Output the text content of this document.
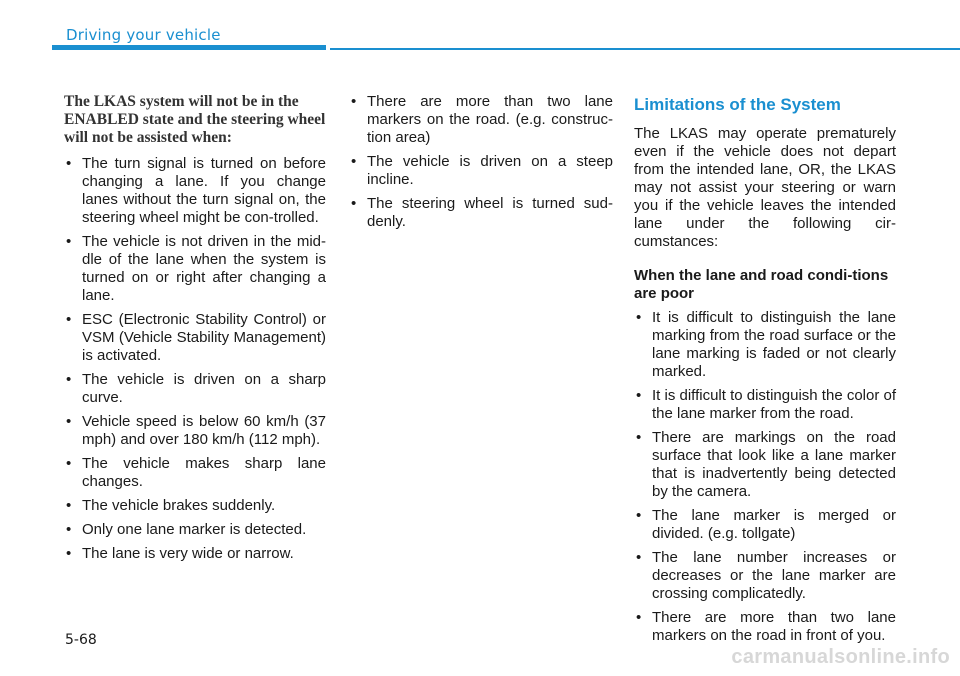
Driving your vehicle

The LKAS system will not be in the ENABLED state and the steering wheel will not be assisted when:

• The turn signal is turned on before changing a lane. If you change lanes without the turn signal on, the steering wheel might be con-trolled.
• The vehicle is not driven in the mid-dle of the lane when the system is turned on or right after changing a lane.
• ESC (Electronic Stability Control) or VSM (Vehicle Stability Management) is activated.
• The vehicle is driven on a sharp curve.
• Vehicle speed is below 60 km/h (37 mph) and over 180 km/h (112 mph).
• The vehicle makes sharp lane changes.
• The vehicle brakes suddenly.
• Only one lane marker is detected.
• The lane is very wide or narrow.
• There are more than two lane markers on the road. (e.g. construc-tion area)
• The vehicle is driven on a steep incline.
• The steering wheel is turned sud-denly.
Limitations of the System

The LKAS may operate prematurely even if the vehicle does not depart from the intended lane, OR, the LKAS may not assist your steering or warn you if the vehicle leaves the intended lane under the following cir-cumstances:

When the lane and road condi-tions are poor

• It is difficult to distinguish the lane marking from the road surface or the lane marking is faded or not clearly marked.
• It is difficult to distinguish the color of the lane marker from the road.
• There are markings on the road surface that look like a lane marker that is inadvertently being detected by the camera.
• The lane marker is merged or divided. (e.g. tollgate)
• The lane number increases or decreases or the lane marker are crossing complicatedly.
• There are more than two lane markers on the road in front of you.
5-68
carmanualsonline.info
